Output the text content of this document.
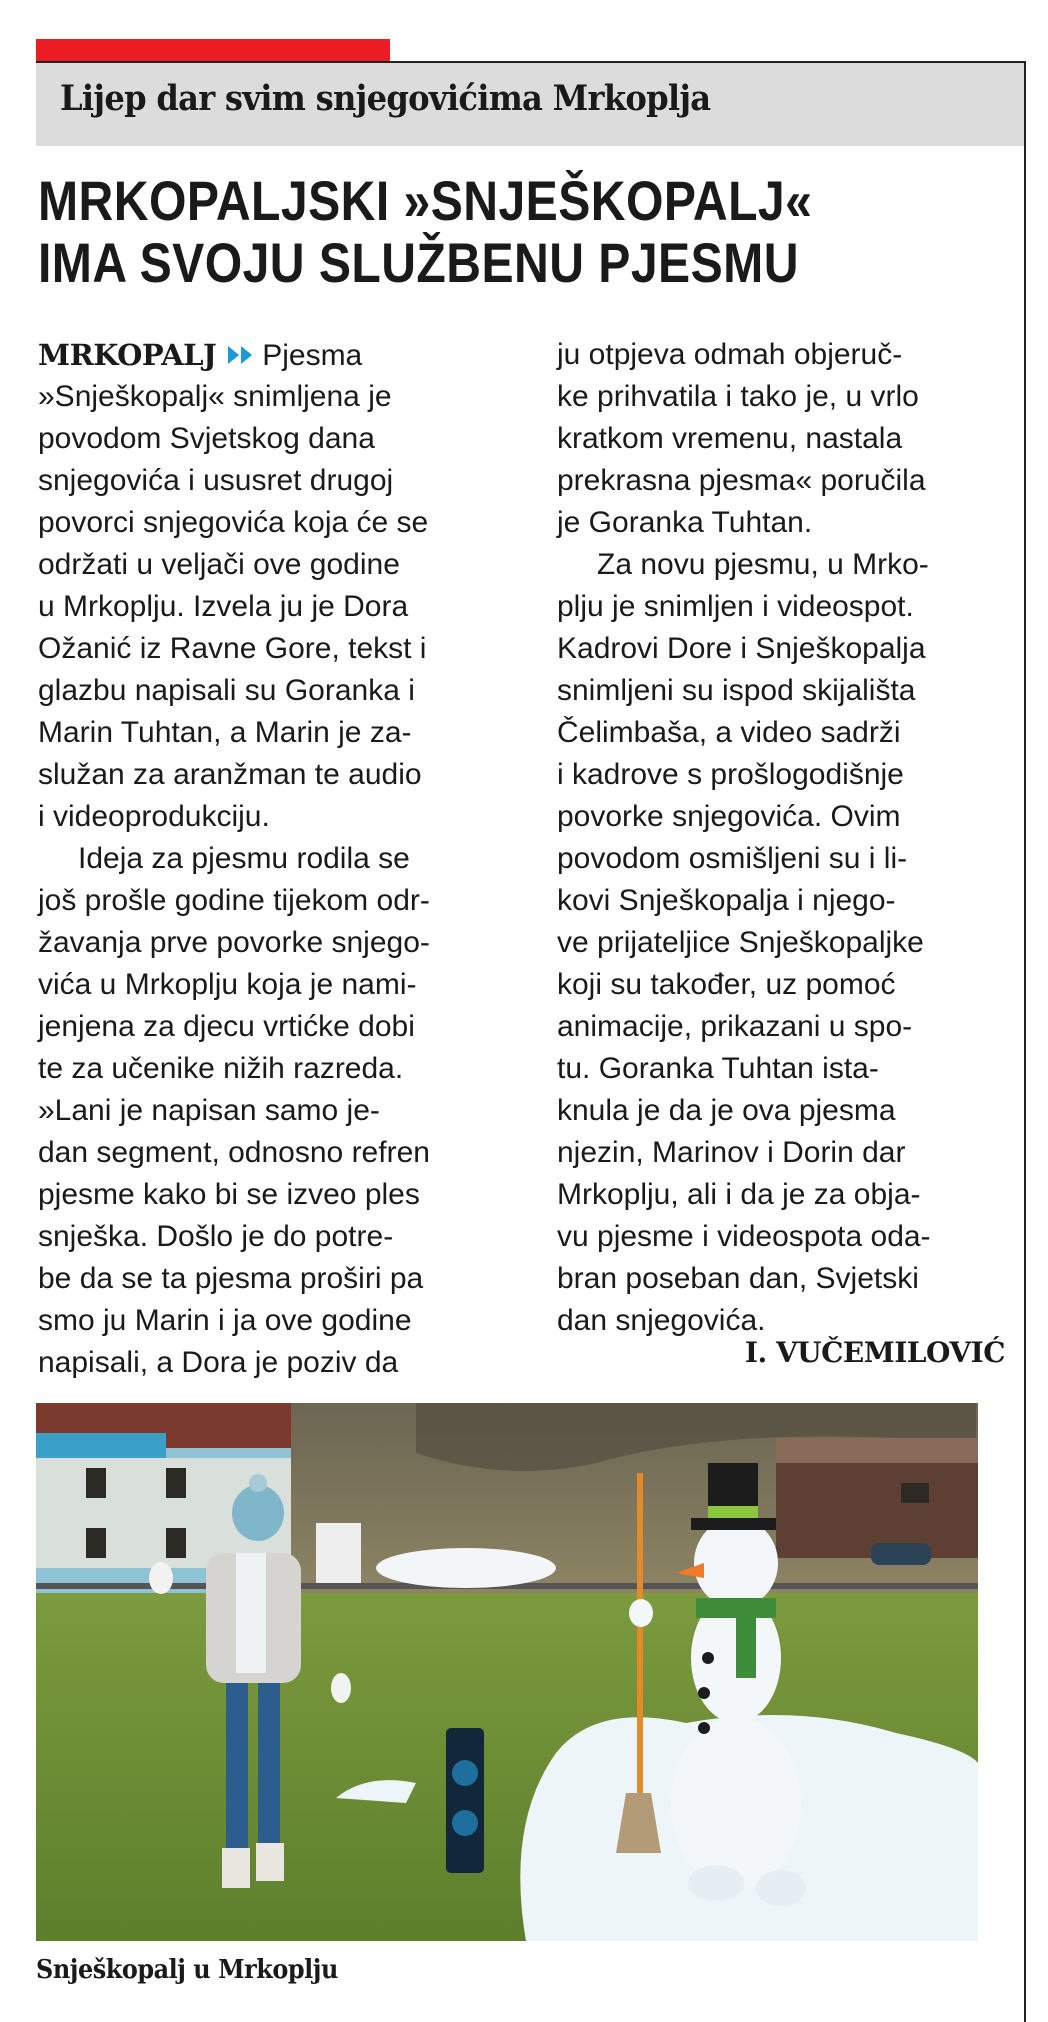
Lijep dar svim snjegovićima Mrkoplja
MRKOPALJSKI »SNJEŠKOPALJ«
IMA SVOJU SLUŽBENU PJESMU
MRKOPALJ Pjesma
»Snješkopalj« snimljena je
povodom Svjetskog dana
snjegovića i ususret drugoj
povorci snjegovića koja će se
održati u veljači ove godine
u Mrkoplju. Izvela ju je Dora
Ožanić iz Ravne Gore, tekst i
glazbu napisali su Goranka i
Marin Tuhtan, a Marin je za-
služan za aranžman te audio
i videoprodukciju.
Ideja za pjesmu rodila se
još prošle godine tijekom odr-
žavanja prve povorke snjego-
vića u Mrkoplju koja je nami-
jenjena za djecu vrtićke dobi
te za učenike nižih razreda.
»Lani je napisan samo je-
dan segment, odnosno refren
pjesme kako bi se izveo ples
snješka. Došlo je do potre-
be da se ta pjesma proširi pa
smo ju Marin i ja ove godine
napisali, a Dora je poziv da
ju otpjeva odmah objeruč-
ke prihvatila i tako je, u vrlo
kratkom vremenu, nastala
prekrasna pjesma« poručila
je Goranka Tuhtan.
Za novu pjesmu, u Mrko-
plju je snimljen i videospot.
Kadrovi Dore i Snješkopalja
snimljeni su ispod skijališta
Čelimbaša, a video sadrži
i kadrove s prošlogodišnje
povorke snjegovića. Ovim
povodom osmišljeni su i li-
kovi Snješkopalja i njego-
ve prijateljice Snješkopaljke
koji su također, uz pomoć
animacije, prikazani u spo-
tu. Goranka Tuhtan ista-
knula je da je ova pjesma
njezin, Marinov i Dorin dar
Mrkoplju, ali i da je za obja-
vu pjesme i videospota oda-
bran poseban dan, Svjetski
dan snjegovića.
I. VUČEMILOVIĆ
Snješkopalj u Mrkoplju
